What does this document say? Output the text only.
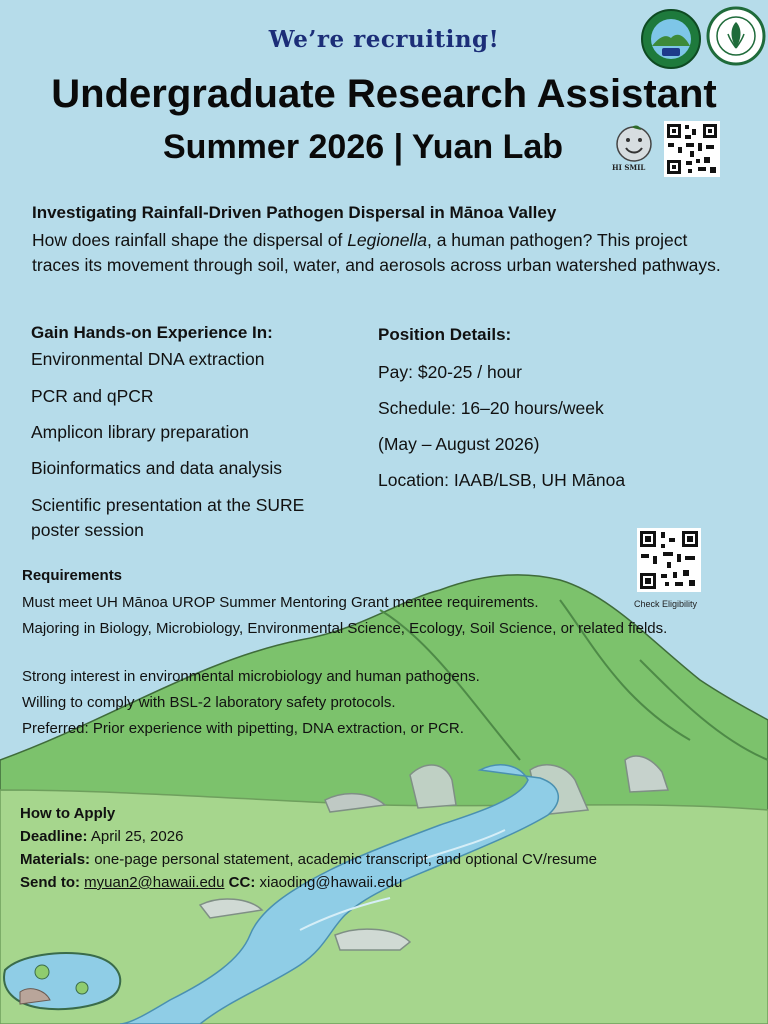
We’re recruiting!
Undergraduate Research Assistant
Summer 2026 | Yuan Lab
HI SMIL
Investigating Rainfall-Driven Pathogen Dispersal in Mānoa Valley
How does rainfall shape the dispersal of Legionella, a human pathogen? This project traces its movement through soil, water, and aerosols across urban watershed pathways.
Gain Hands-on Experience In:
Environmental DNA extraction
PCR and qPCR
Amplicon library preparation
Bioinformatics and data analysis
Scientific presentation at the SURE poster session
Position Details:
Pay: $20-25 / hour
Schedule: 16–20 hours/week
(May – August 2026)
Location: IAAB/LSB, UH Mānoa
Requirements
Must meet UH Mānoa UROP Summer Mentoring Grant mentee requirements.
Majoring in Biology, Microbiology, Environmental Science, Ecology, Soil Science, or related fields.
Strong interest in environmental microbiology and human pathogens.
Willing to comply with BSL-2 laboratory safety protocols.
Preferred: Prior experience with pipetting, DNA extraction, or PCR.
Check Eligibility
How to Apply
Deadline: April 25, 2026
Materials: one-page personal statement, academic transcript, and optional CV/resume
Send to: myuan2@hawaii.edu CC: xiaoding@hawaii.edu
